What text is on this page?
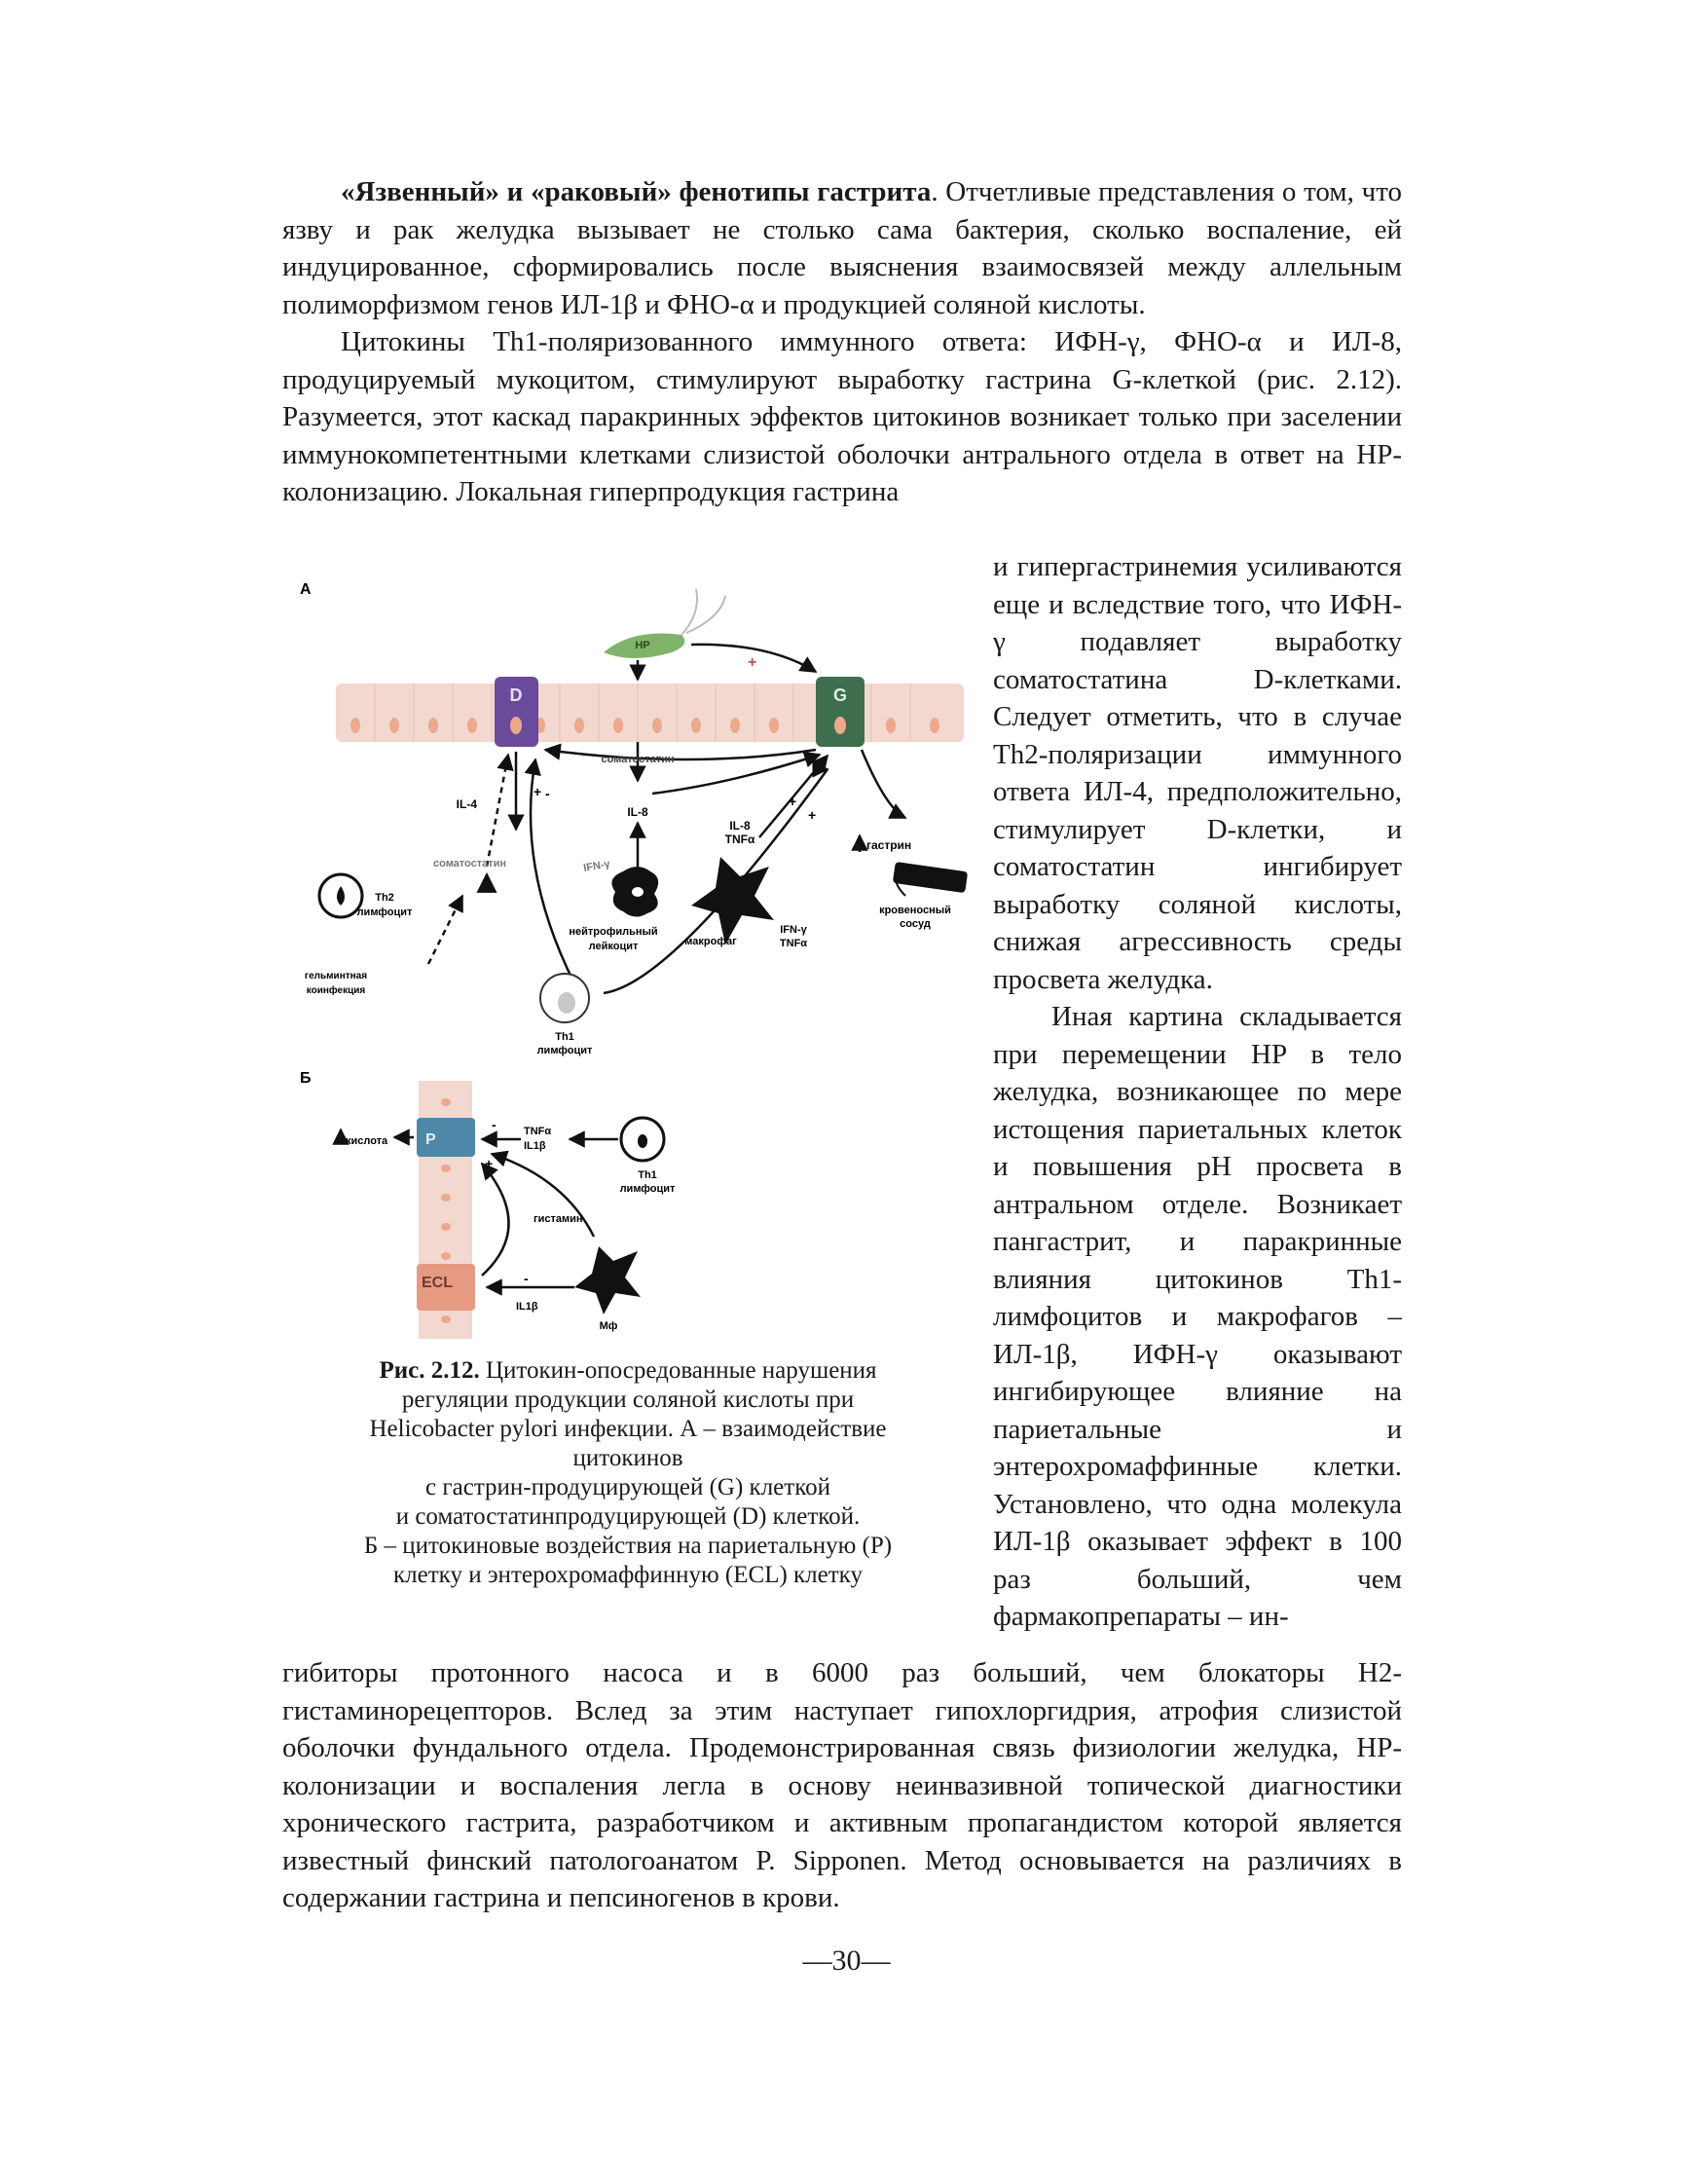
«Язвенный» и «раковый» фенотипы гастрита. Отчетливые представления о том, что язву и рак желудка вызывает не столько сама бактерия, сколько воспаление, ей индуцированное, сформировались после выяснения взаимосвязей между аллельным полиморфизмом генов ИЛ-1β и ФНО-α и продукцией соляной кислоты.

Цитокины Th1-поляризованного иммунного ответа: ИФН-γ, ФНО-α и ИЛ-8, продуцируемый мукоцитом, стимулируют выработку гастрина G-клеткой (рис. 2.12). Разумеется, этот каскад паракринных эффектов цитокинов возникает только при заселении иммунокомпетентными клетками слизистой оболочки антрального отдела в ответ на HP-колонизацию. Локальная гиперпродукция гастрина

и гипергастринемия усиливаются еще и вследствие того, что ИФН-γ подавляет выработку соматостатина D-клетками. Следует отметить, что в случае Th2-поляризации иммунного ответа ИЛ-4, предположительно, стимулирует D-клетки, и соматостатин ингибирует выработку соляной кислоты, снижая агрессивность среды просвета желудка.

Иная картина складывается при перемещении HP в тело желудка, возникающее по мере истощения париетальных клеток и повышения pH просвета в антральном отделе. Возникает пангастрит, и паракринные влияния цитокинов Th1-лимфоцитов и макрофагов – ИЛ-1β, ИФН-γ оказывают ингибирующее влияние на париетальные и энтерохромаффинные клетки. Установлено, что одна молекула ИЛ-1β оказывает эффект в 100 раз больший, чем фармакопрепараты – ин-

A
D	G
HP
+
соматостатин	-
IL-4
+ -
IFN-γ
IL-8
IL-8
TNFα
+
+
гастрин
соматостатин
Th2
лимфоцит
нейтрофильный
лейкоцит	макрофаг
IFN-γ
TNFα
кровеносный
сосуд
гельминтная
коинфекция
Th1
лимфоцит
Б
P
ECL
кислота
-
+
TNFα
IL1β
гистамин
-
IL1β
Th1
лимфоцит
Мф
Рис. 2.12. Цитокин-опосредованные нарушения
регуляции продукции соляной кислоты при
Helicobacter pylori инфекции. А – взаимодействие
цитокинов
с гастрин-продуцирующей (G) клеткой
и соматостатинпродуцирующей (D) клеткой.
Б – цитокиновые воздействия на париетальную (Р)
клетку и энтерохромаффинную (ECL) клетку

гибиторы протонного насоса и в 6000 раз больший, чем блокаторы Н2-гистаминорецепторов. Вслед за этим наступает гипохлоргидрия, атрофия слизистой оболочки фундального отдела. Продемонстрированная связь физиологии желудка, HP-колонизации и воспаления легла в основу неинвазивной топической диагностики хронического гастрита, разработчиком и активным пропагандистом которой является известный финский патологоанатом P. Sipponen. Метод основывается на различиях в содержании гастрина и пепсиногенов в крови.

—30—
